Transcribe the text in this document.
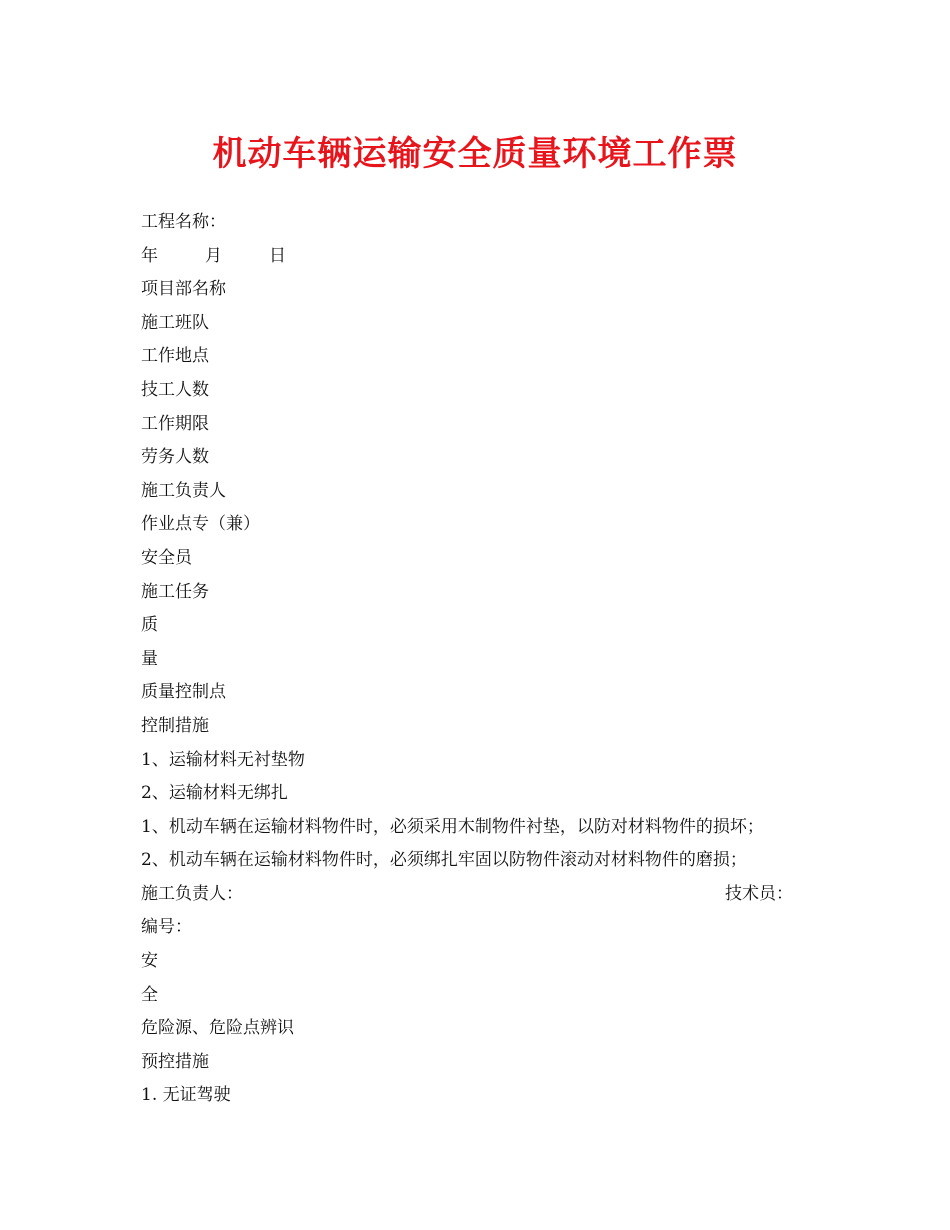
机动车辆运输安全质量环境工作票
工程名称：
年	月	日
项目部名称
施工班队
工作地点
技工人数
工作期限
劳务人数
施工负责人
作业点专（兼）
安全员
施工任务
质
量
质量控制点
控制措施
1、运输材料无衬垫物
2、运输材料无绑扎
1、机动车辆在运输材料物件时，必须采用木制物件衬垫，以防对材料物件的损坏；
2、机动车辆在运输材料物件时，必须绑扎牢固以防物件滚动对材料物件的磨损；
施工负责人：	技术员：
编号：
安
全
危险源、危险点辨识
预控措施
1. 无证驾驶
